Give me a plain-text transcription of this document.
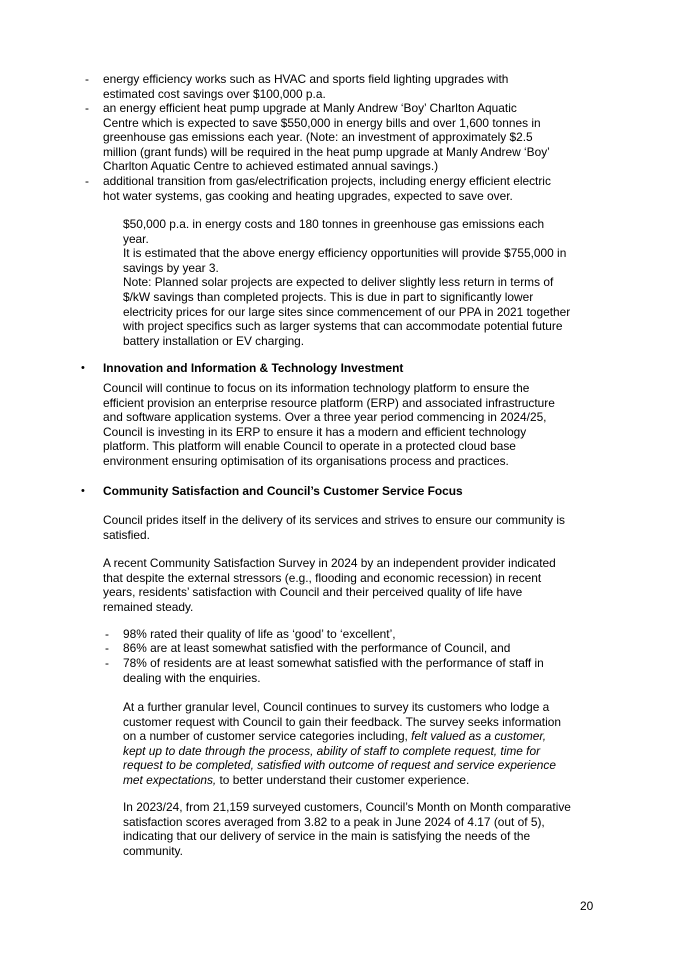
- energy efficiency works such as HVAC and sports field lighting upgrades with
estimated cost savings over $100,000 p.a.
- an energy efficient heat pump upgrade at Manly Andrew ‘Boy’ Charlton Aquatic
Centre which is expected to save $550,000 in energy bills and over 1,600 tonnes in
greenhouse gas emissions each year. (Note: an investment of approximately $2.5
million (grant funds) will be required in the heat pump upgrade at Manly Andrew ‘Boy’
Charlton Aquatic Centre to achieved estimated annual savings.)
- additional transition from gas/electrification projects, including energy efficient electric
hot water systems, gas cooking and heating upgrades, expected to save over.
$50,000 p.a. in energy costs and 180 tonnes in greenhouse gas emissions each
year.
It is estimated that the above energy efficiency opportunities will provide $755,000 in
savings by year 3.
Note: Planned solar projects are expected to deliver slightly less return in terms of
$/kW savings than completed projects. This is due in part to significantly lower
electricity prices for our large sites since commencement of our PPA in 2021 together
with project specifics such as larger systems that can accommodate potential future
battery installation or EV charging.
• Innovation and Information & Technology Investment
Council will continue to focus on its information technology platform to ensure the
efficient provision an enterprise resource platform (ERP) and associated infrastructure
and software application systems. Over a three year period commencing in 2024/25,
Council is investing in its ERP to ensure it has a modern and efficient technology
platform. This platform will enable Council to operate in a protected cloud base
environment ensuring optimisation of its organisations process and practices.
• Community Satisfaction and Council’s Customer Service Focus
Council prides itself in the delivery of its services and strives to ensure our community is
satisfied.
A recent Community Satisfaction Survey in 2024 by an independent provider indicated
that despite the external stressors (e.g., flooding and economic recession) in recent
years, residents’ satisfaction with Council and their perceived quality of life have
remained steady.
- 98% rated their quality of life as ‘good’ to ‘excellent’,
- 86% are at least somewhat satisfied with the performance of Council, and
- 78% of residents are at least somewhat satisfied with the performance of staff in
dealing with the enquiries.
At a further granular level, Council continues to survey its customers who lodge a
customer request with Council to gain their feedback. The survey seeks information
on a number of customer service categories including, felt valued as a customer,
kept up to date through the process, ability of staff to complete request, time for
request to be completed, satisfied with outcome of request and service experience
met expectations, to better understand their customer experience.
In 2023/24, from 21,159 surveyed customers, Council’s Month on Month comparative
satisfaction scores averaged from 3.82 to a peak in June 2024 of 4.17 (out of 5),
indicating that our delivery of service in the main is satisfying the needs of the
community.
20
